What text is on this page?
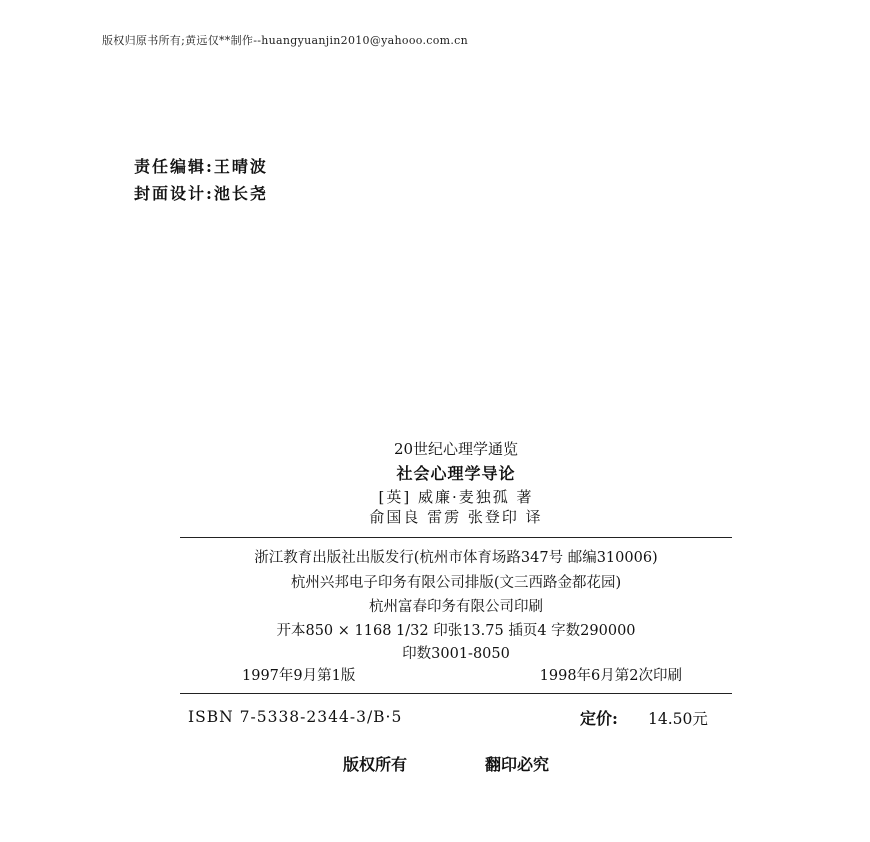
版权归原书所有;黄远仅**制作--huangyuanjin2010@yahooo.com.cn
责任编辑:王晴波
封面设计:池长尧
20世纪心理学通览
社会心理学导论
[英] 威廉·麦独孤 著
俞国良 雷雳 张登印 译
浙江教育出版社出版发行(杭州市体育场路347号 邮编310006)
杭州兴邦电子印务有限公司排版(文三西路金都花园)
杭州富春印务有限公司印刷
开本850 × 1168 1/32 印张13.75 插页4 字数290000
印数3001-8050
1997年9月第1版	1998年6月第2次印刷
ISBN 7-5338-2344-3/B·5	定价: 14.50元
版权所有	翻印必究
